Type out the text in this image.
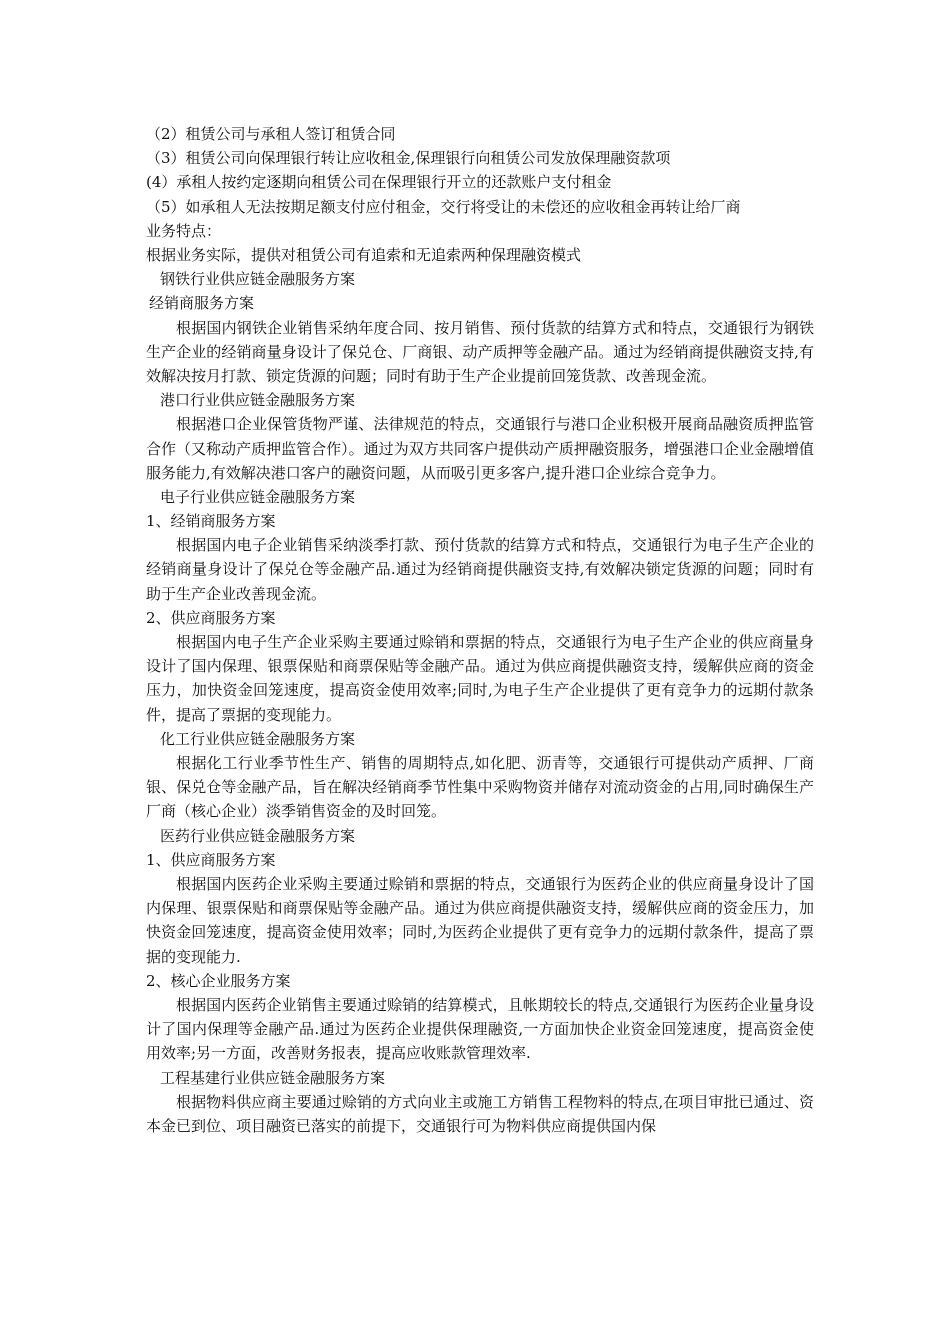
（2）租赁公司与承租人签订租赁合同
（3）租赁公司向保理银行转让应收租金,保理银行向租赁公司发放保理融资款项
(4）承租人按约定逐期向租赁公司在保理银行开立的还款账户支付租金
（5）如承租人无法按期足额支付应付租金，交行将受让的未偿还的应收租金再转让给厂商
业务特点：
根据业务实际，提供对租赁公司有追索和无追索两种保理融资模式
钢铁行业供应链金融服务方案
经销商服务方案
根据国内钢铁企业销售采纳年度合同、按月销售、预付货款的结算方式和特点，交通银行为钢铁生产企业的经销商量身设计了保兑仓、厂商银、动产质押等金融产品。通过为经销商提供融资支持,有效解决按月打款、锁定货源的问题；同时有助于生产企业提前回笼货款、改善现金流。
港口行业供应链金融服务方案
根据港口企业保管货物严谨、法律规范的特点，交通银行与港口企业积极开展商品融资质押监管合作（又称动产质押监管合作）。通过为双方共同客户提供动产质押融资服务，增强港口企业金融增值服务能力,有效解决港口客户的融资问题，从而吸引更多客户,提升港口企业综合竞争力。
电子行业供应链金融服务方案
1、经销商服务方案
根据国内电子企业销售采纳淡季打款、预付货款的结算方式和特点，交通银行为电子生产企业的经销商量身设计了保兑仓等金融产品.通过为经销商提供融资支持,有效解决锁定货源的问题；同时有助于生产企业改善现金流。
2、供应商服务方案
根据国内电子生产企业采购主要通过赊销和票据的特点，交通银行为电子生产企业的供应商量身设计了国内保理、银票保贴和商票保贴等金融产品。通过为供应商提供融资支持，缓解供应商的资金压力，加快资金回笼速度，提高资金使用效率;同时,为电子生产企业提供了更有竞争力的远期付款条件，提高了票据的变现能力。
化工行业供应链金融服务方案
根据化工行业季节性生产、销售的周期特点,如化肥、沥青等，交通银行可提供动产质押、厂商银、保兑仓等金融产品，旨在解决经销商季节性集中采购物资并储存对流动资金的占用,同时确保生产厂商（核心企业）淡季销售资金的及时回笼。
医药行业供应链金融服务方案
1、供应商服务方案
根据国内医药企业采购主要通过赊销和票据的特点，交通银行为医药企业的供应商量身设计了国内保理、银票保贴和商票保贴等金融产品。通过为供应商提供融资支持，缓解供应商的资金压力，加快资金回笼速度，提高资金使用效率；同时,为医药企业提供了更有竞争力的远期付款条件，提高了票据的变现能力.
2、核心企业服务方案
根据国内医药企业销售主要通过赊销的结算模式，且帐期较长的特点,交通银行为医药企业量身设计了国内保理等金融产品.通过为医药企业提供保理融资,一方面加快企业资金回笼速度，提高资金使用效率;另一方面，改善财务报表，提高应收账款管理效率.
工程基建行业供应链金融服务方案
根据物料供应商主要通过赊销的方式向业主或施工方销售工程物料的特点,在项目审批已通过、资本金已到位、项目融资已落实的前提下，交通银行可为物料供应商提供国内保
